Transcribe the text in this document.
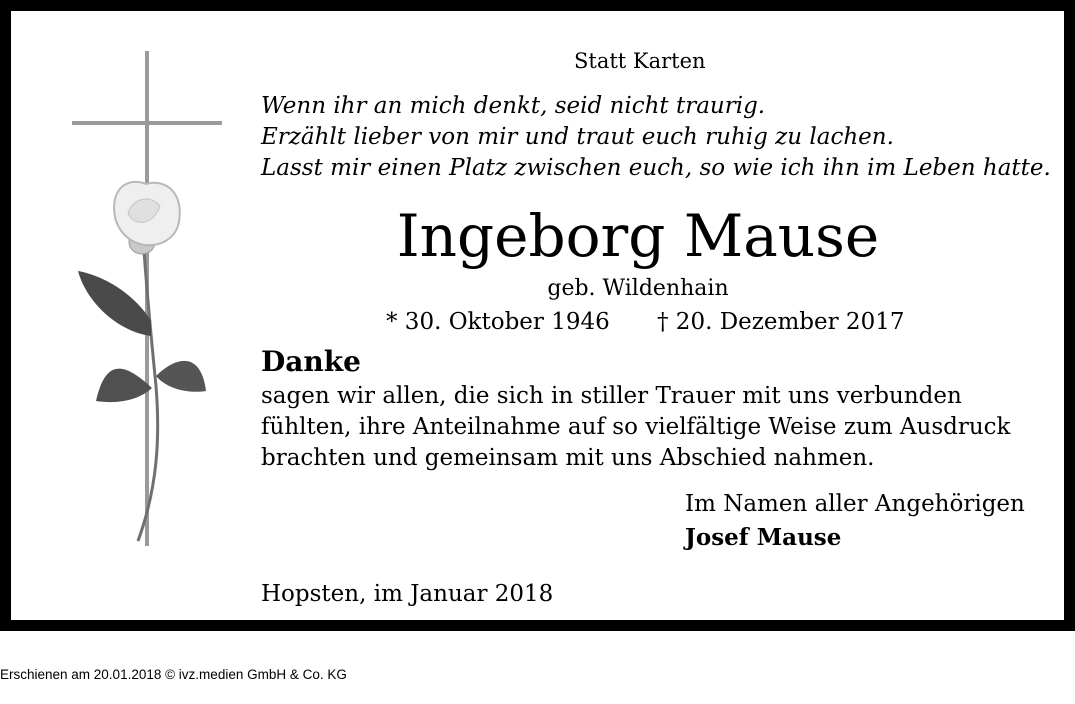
Statt Karten
Wenn ihr an mich denkt, seid nicht traurig.
Erzählt lieber von mir und traut euch ruhig zu lachen.
Lasst mir einen Platz zwischen euch, so wie ich ihn im Leben hatte.
Ingeborg Mause
geb. Wildenhain
* 30. Oktober 1946 † 20. Dezember 2017
Danke
sagen wir allen, die sich in stiller Trauer mit uns verbunden
fühlten, ihre Anteilnahme auf so vielfältige Weise zum Ausdruck
brachten und gemeinsam mit uns Abschied nahmen.
Im Namen aller Angehörigen
Josef Mause
Hopsten, im Januar 2018
Erschienen am 20.01.2018 © ivz.medien GmbH & Co. KG
